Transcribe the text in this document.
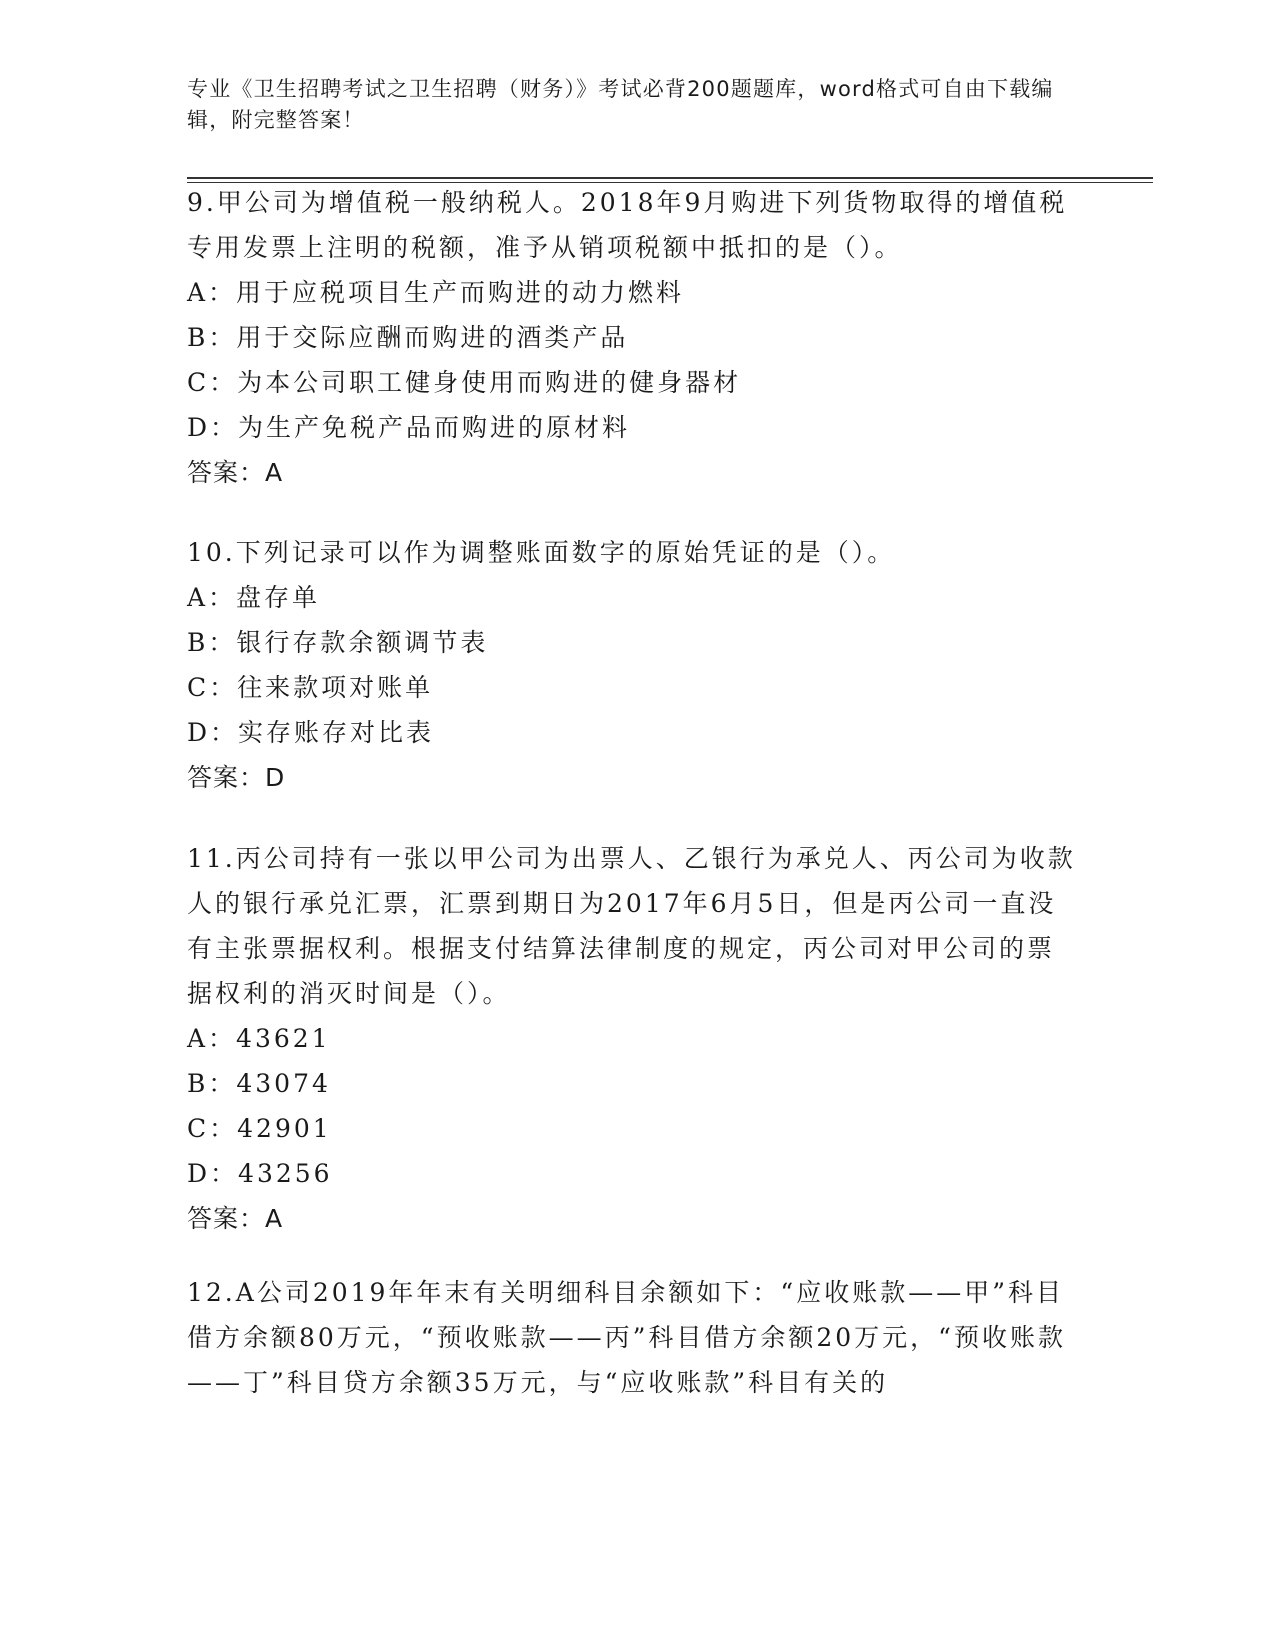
专业《卫生招聘考试之卫生招聘（财务）》考试必背200题题库，word格式可自由下载编辑，附完整答案！

9.甲公司为增值税一般纳税人。2018年9月购进下列货物取得的增值税专用发票上注明的税额，准予从销项税额中抵扣的是（）。

A：用于应税项目生产而购进的动力燃料

B：用于交际应酬而购进的酒类产品

C：为本公司职工健身使用而购进的健身器材

D：为生产免税产品而购进的原材料

答案：A

10.下列记录可以作为调整账面数字的原始凭证的是（）。

A：盘存单

B：银行存款余额调节表

C：往来款项对账单

D：实存账存对比表

答案：D

11.丙公司持有一张以甲公司为出票人、乙银行为承兑人、丙公司为收款人的银行承兑汇票，汇票到期日为2017年6月5日，但是丙公司一直没有主张票据权利。根据支付结算法律制度的规定，丙公司对甲公司的票据权利的消灭时间是（）。

A：43621

B：43074

C：42901

D：43256

答案：A

12.A公司2019年年末有关明细科目余额如下：“应收账款——甲”科目借方余额80万元，“预收账款——丙”科目借方余额20万元，“预收账款——丁”科目贷方余额35万元，与“应收账款”科目有关的
